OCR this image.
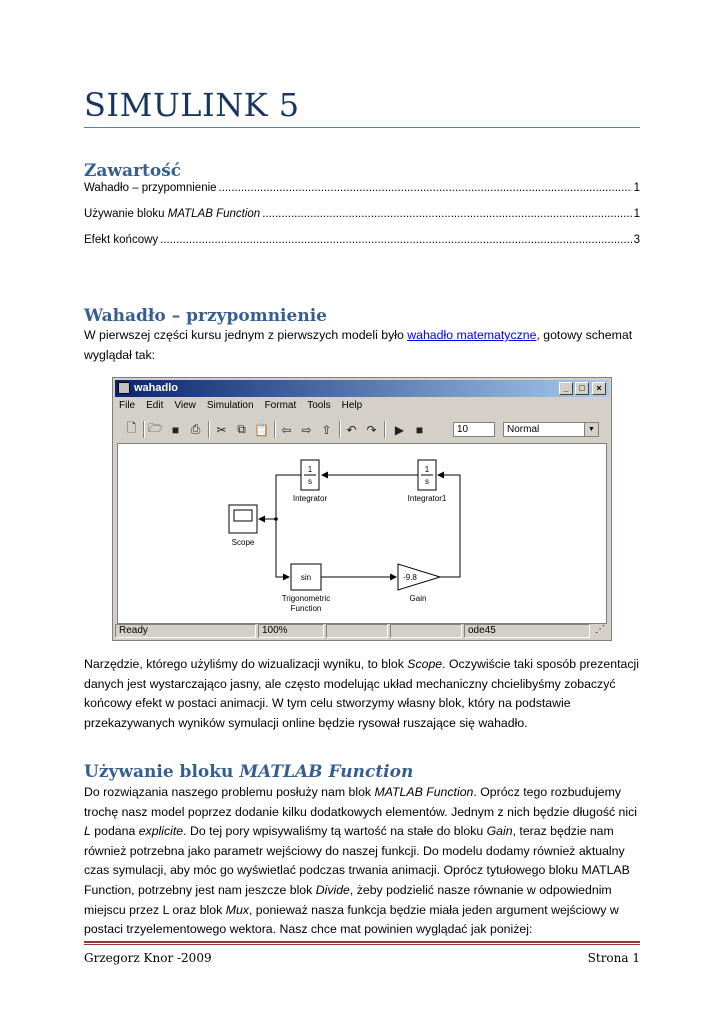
SIMULINK 5
Zawartość
Wahadło – przypomnienie .....	1
Używanie bloku MATLAB Function .....	1
Efekt końcowy .....	3
Wahadło – przypomnienie

W pierwszej części kursu jednym z pierwszych modeli było wahadło matematyczne, gotowy schemat wyglądał tak:

wahadlo	_	□	×
File Edit View Simulation Format Tools Help
🗋 🗁 ■ ⎙	✂ ⧉ 📋 ⇦ ⇨ ⇧ ↶ ↷	▶ ■	10	Normal	▼
1
s
Integrator
1
s
Integrator1
Scope
sin
Trigonometric
Function
-9.8
Gain
Ready	100%	ode45	⋰

Narzędzie, którego użyliśmy do wizualizacji wyniku, to blok Scope. Oczywiście taki sposób prezentacji danych jest wystarczająco jasny, ale często modelując układ mechaniczny chcielibyśmy zobaczyć końcowy efekt w postaci animacji. W tym celu stworzymy własny blok, który na podstawie przekazywanych wyników symulacji online będzie rysował ruszające się wahadło.

Używanie bloku MATLAB Function

Do rozwiązania naszego problemu posłuży nam blok MATLAB Function. Oprócz tego rozbudujemy trochę nasz model poprzez dodanie kilku dodatkowych elementów. Jednym z nich będzie długość nici L podana explicite. Do tej pory wpisywaliśmy tą wartość na stałe do bloku Gain, teraz będzie nam również potrzebna jako parametr wejściowy do naszej funkcji. Do modelu dodamy również aktualny czas symulacji, aby móc go wyświetlać podczas trwania animacji. Oprócz tytułowego bloku MATLAB Function, potrzebny jest nam jeszcze blok Divide, żeby podzielić nasze równanie w odpowiednim miejscu przez L oraz blok Mux, ponieważ nasza funkcja będzie miała jeden argument wejściowy w postaci trzyelementowego wektora. Nasz chce mat powinien wyglądać jak poniżej:

Grzegorz Knor -2009	Strona 1
